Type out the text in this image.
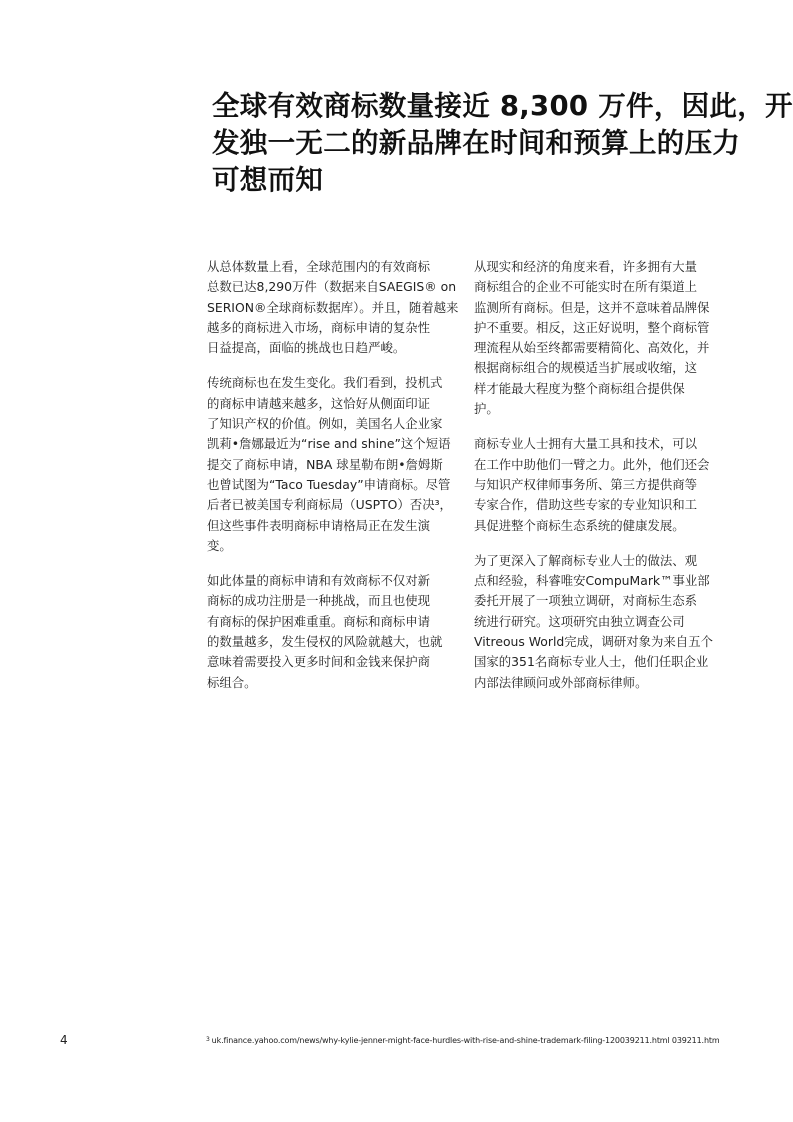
全球有效商标数量接近 8,300 万件，因此，开
发独一无二的新品牌在时间和预算上的压力
可想而知

从总体数量上看，全球范围内的有效商标
总数已达8,290万件（数据来自SAEGIS® on
SERION®全球商标数据库）。并且，随着越来
越多的商标进入市场，商标申请的复杂性
日益提高，面临的挑战也日趋严峻。

传统商标也在发生变化。我们看到，投机式
的商标申请越来越多，这恰好从侧面印证
了知识产权的价值。例如，美国名人企业家
凯莉•詹娜最近为“rise and shine”这个短语
提交了商标申请，NBA 球星勒布朗•詹姆斯
也曾试图为“Taco Tuesday”申请商标。尽管
后者已被美国专利商标局（USPTO）否决³，
但这些事件表明商标申请格局正在发生演
变。

如此体量的商标申请和有效商标不仅对新
商标的成功注册是一种挑战，而且也使现
有商标的保护困难重重。商标和商标申请
的数量越多，发生侵权的风险就越大，也就
意味着需要投入更多时间和金钱来保护商
标组合。

从现实和经济的角度来看，许多拥有大量
商标组合的企业不可能实时在所有渠道上
监测所有商标。但是，这并不意味着品牌保
护不重要。相反，这正好说明，整个商标管
理流程从始至终都需要精简化、高效化，并
根据商标组合的规模适当扩展或收缩，这
样才能最大程度为整个商标组合提供保
护。

商标专业人士拥有大量工具和技术，可以
在工作中助他们一臂之力。此外，他们还会
与知识产权律师事务所、第三方提供商等
专家合作，借助这些专家的专业知识和工
具促进整个商标生态系统的健康发展。

为了更深入了解商标专业人士的做法、观
点和经验，科睿唯安CompuMark™事业部
委托开展了一项独立调研，对商标生态系
统进行研究。这项研究由独立调查公司
Vitreous World完成，调研对象为来自五个
国家的351名商标专业人士，他们任职企业
内部法律顾问或外部商标律师。

4	$^3$ uk.finance.yahoo.com/news/why-kylie-jenner-might-face-hurdles-with-rise-and-shine-trademark-filing-120039211.html 039211.htm
